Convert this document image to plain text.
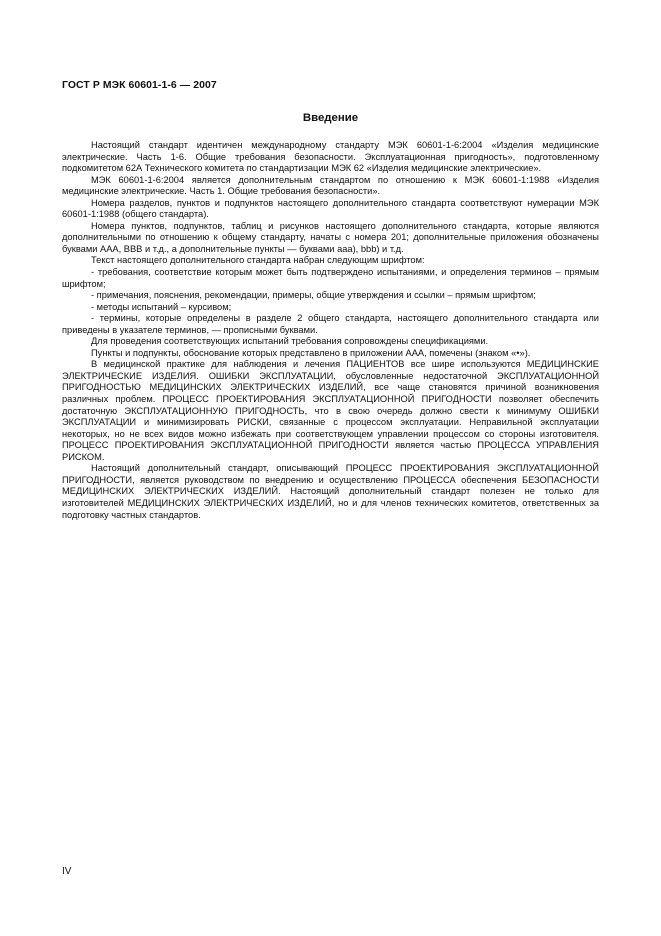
ГОСТ Р МЭК 60601-1-6 — 2007
Введение

Настоящий стандарт идентичен международному стандарту МЭК 60601-1-6:2004 «Изделия медицинские электрические. Часть 1-6. Общие требования безопасности. Эксплуатационная пригодность», подготовленному подкомитетом 62А Технического комитета по стандартизации МЭК 62 «Изделия медицинские электрические».

МЭК 60601-1-6:2004 является дополнительным стандартом по отношению к МЭК 60601-1:1988 «Изделия медицинские электрические. Часть 1. Общие требования безопасности».

Номера разделов, пунктов и подпунктов настоящего дополнительного стандарта соответствуют нумерации МЭК 60601-1:1988 (общего стандарта).

Номера пунктов, подпунктов, таблиц и рисунков настоящего дополнительного стандарта, которые являются дополнительными по отношению к общему стандарту, начаты с номера 201; дополнительные приложения обозначены буквами ААА, ВВВ и т.д., а дополнительные пункты — буквами ааа), bbb) и т.д.

Текст настоящего дополнительного стандарта набран следующим шрифтом:

- требования, соответствие которым может быть подтверждено испытаниями, и определения терминов – прямым шрифтом;

- примечания, пояснения, рекомендации, примеры, общие утверждения и ссылки – прямым шрифтом;

- методы испытаний – курсивом;

- термины, которые определены в разделе 2 общего стандарта, настоящего дополнительного стандарта или приведены в указателе терминов, — прописными буквами.

Для проведения соответствующих испытаний требования сопровождены спецификациями.

Пункты и подпункты, обоснование которых представлено в приложении ААА, помечены (знаком «•»).

В медицинской практике для наблюдения и лечения ПАЦИЕНТОВ все шире используются МЕДИЦИНСКИЕ ЭЛЕКТРИЧЕСКИЕ ИЗДЕЛИЯ. ОШИБКИ ЭКСПЛУАТАЦИИ, обусловленные недостаточной ЭКСПЛУАТАЦИОННОЙ ПРИГОДНОСТЬЮ МЕДИЦИНСКИХ ЭЛЕКТРИЧЕСКИХ ИЗДЕЛИЙ, все чаще становятся причиной возникновения различных проблем. ПРОЦЕСС ПРОЕКТИРОВАНИЯ ЭКСПЛУАТАЦИОННОЙ ПРИГОДНОСТИ позволяет обеспечить достаточную ЭКСПЛУАТАЦИОННУЮ ПРИГОДНОСТЬ, что в свою очередь должно свести к минимуму ОШИБКИ ЭКСПЛУАТАЦИИ и минимизировать РИСКИ, связанные с процессом эксплуатации. Неправильной эксплуатации некоторых, но не всех видов можно избежать при соответствующем управлении процессом со стороны изготовителя. ПРОЦЕСС ПРОЕКТИРОВАНИЯ ЭКСПЛУАТАЦИОННОЙ ПРИГОДНОСТИ является частью ПРОЦЕССА УПРАВЛЕНИЯ РИСКОМ.

Настоящий дополнительный стандарт, описывающий ПРОЦЕСС ПРОЕКТИРОВАНИЯ ЭКСПЛУАТАЦИОННОЙ ПРИГОДНОСТИ, является руководством по внедрению и осуществлению ПРОЦЕССА обеспечения БЕЗОПАСНОСТИ МЕДИЦИНСКИХ ЭЛЕКТРИЧЕСКИХ ИЗДЕЛИЙ. Настоящий дополнительный стандарт полезен не только для изготовителей МЕДИЦИНСКИХ ЭЛЕКТРИЧЕСКИХ ИЗДЕЛИЙ, но и для членов технических комитетов, ответственных за подготовку частных стандартов.

IV
